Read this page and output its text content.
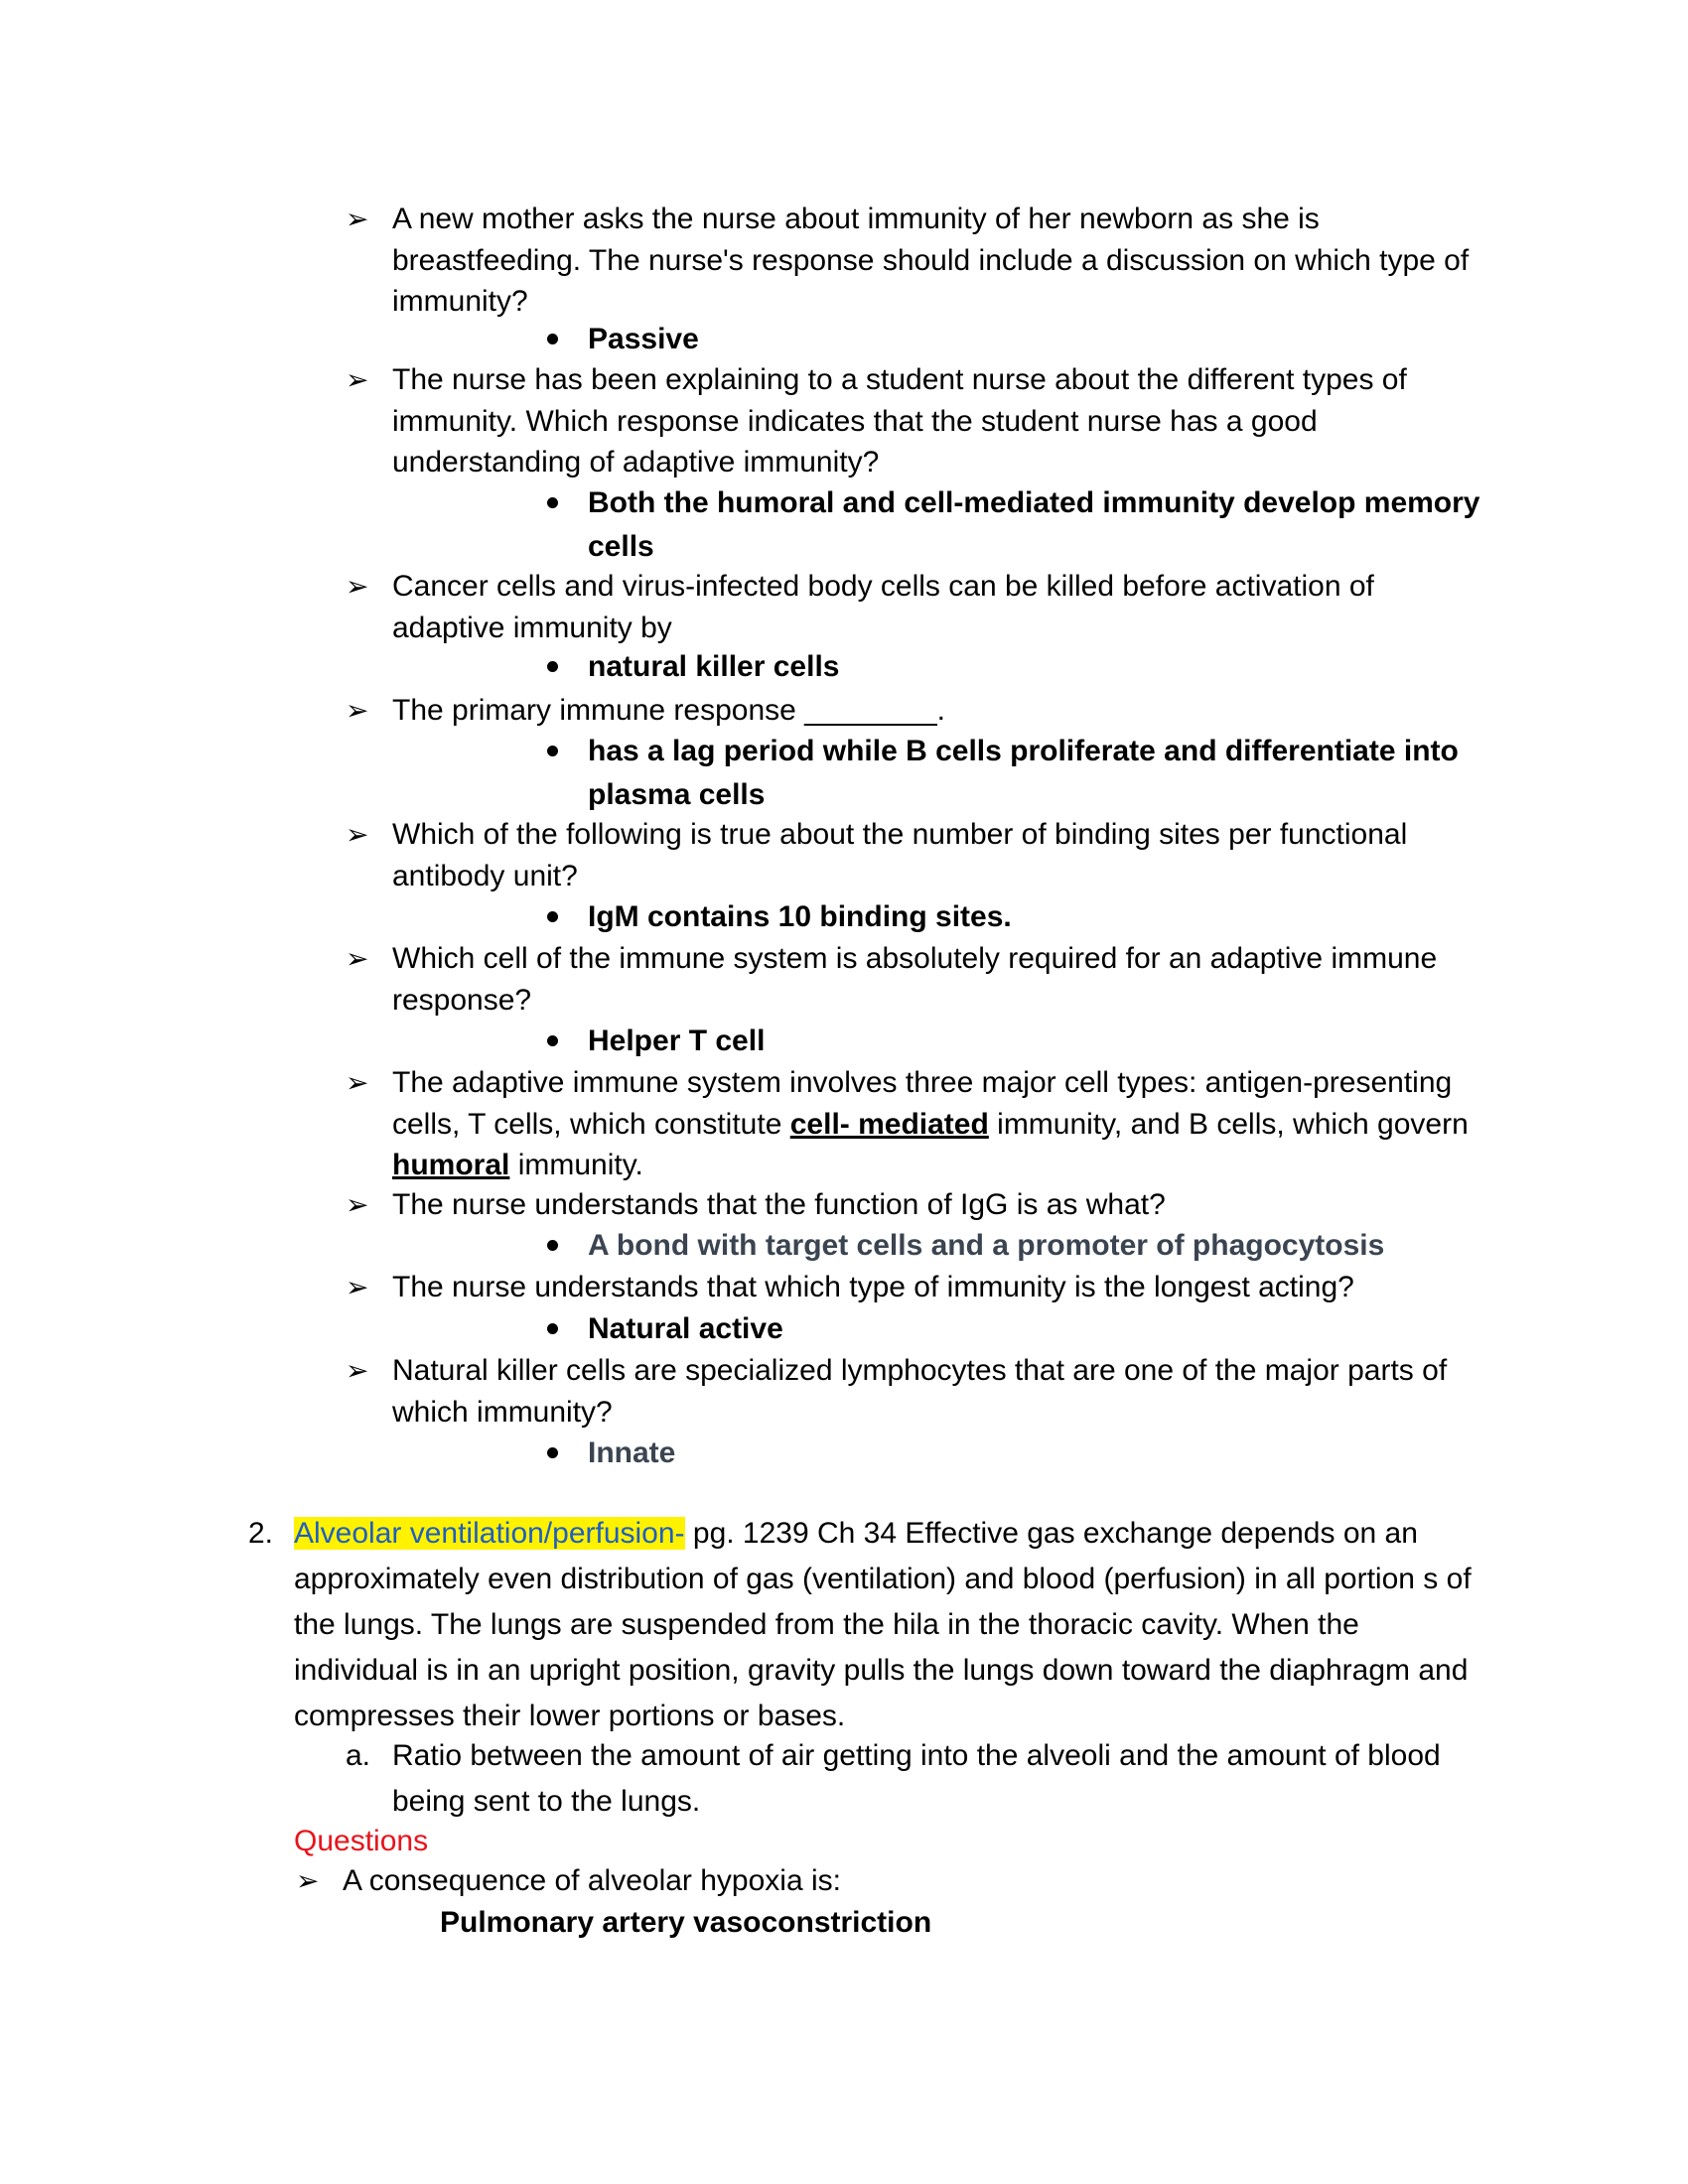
➢ A new mother asks the nurse about immunity of her newborn as she is breastfeeding. The nurse's response should include a discussion on which type of immunity?
Passive
➢ The nurse has been explaining to a student nurse about the different types of immunity. Which response indicates that the student nurse has a good understanding of adaptive immunity?
Both the humoral and cell-mediated immunity develop memory cells
➢ Cancer cells and virus-infected body cells can be killed before activation of adaptive immunity by
natural killer cells
➢ The primary immune response ________.
has a lag period while B cells proliferate and differentiate into plasma cells
➢ Which of the following is true about the number of binding sites per functional antibody unit?
IgM contains 10 binding sites.
➢ Which cell of the immune system is absolutely required for an adaptive immune response?
Helper T cell
➢ The adaptive immune system involves three major cell types: antigen-presenting cells, T cells, which constitute cell- mediated immunity, and B cells, which govern humoral immunity.
➢ The nurse understands that the function of IgG is as what?
A bond with target cells and a promoter of phagocytosis
➢ The nurse understands that which type of immunity is the longest acting?
Natural active
➢ Natural killer cells are specialized lymphocytes that are one of the major parts of which immunity?
Innate
2. Alveolar ventilation/perfusion- pg. 1239 Ch 34 Effective gas exchange depends on an approximately even distribution of gas (ventilation) and blood (perfusion) in all portion s of the lungs. The lungs are suspended from the hila in the thoracic cavity. When the individual is in an upright position, gravity pulls the lungs down toward the diaphragm and compresses their lower portions or bases.
a. Ratio between the amount of air getting into the alveoli and the amount of blood being sent to the lungs.
Questions
➢ A consequence of alveolar hypoxia is:
Pulmonary artery vasoconstriction
